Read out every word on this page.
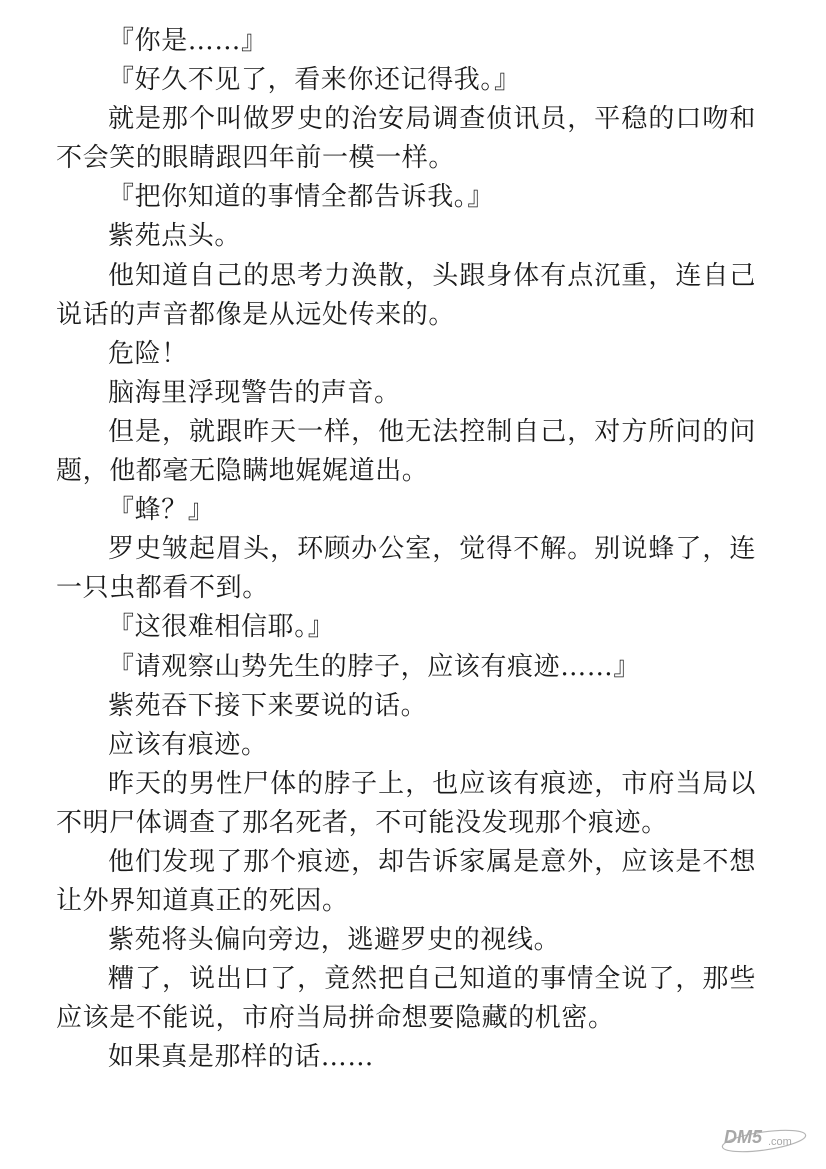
『你是……』

『好久不见了，看来你还记得我。』

就是那个叫做罗史的治安局调查侦讯员，平稳的口吻和不会笑的眼睛跟四年前一模一样。

『把你知道的事情全都告诉我。』

紫苑点头。

他知道自己的思考力涣散，头跟身体有点沉重，连自己说话的声音都像是从远处传来的。

危险！

脑海里浮现警告的声音。

但是，就跟昨天一样，他无法控制自己，对方所问的问题，他都毫无隐瞒地娓娓道出。

『蜂？』

罗史皱起眉头，环顾办公室，觉得不解。别说蜂了，连一只虫都看不到。

『这很难相信耶。』

『请观察山势先生的脖子，应该有痕迹……』

紫苑吞下接下来要说的话。

应该有痕迹。

昨天的男性尸体的脖子上，也应该有痕迹，市府当局以不明尸体调查了那名死者，不可能没发现那个痕迹。

他们发现了那个痕迹，却告诉家属是意外，应该是不想让外界知道真正的死因。

紫苑将头偏向旁边，逃避罗史的视线。

糟了，说出口了，竟然把自己知道的事情全说了，那些应该是不能说，市府当局拼命想要隐藏的机密。

如果真是那样的话……

DM5 .com
